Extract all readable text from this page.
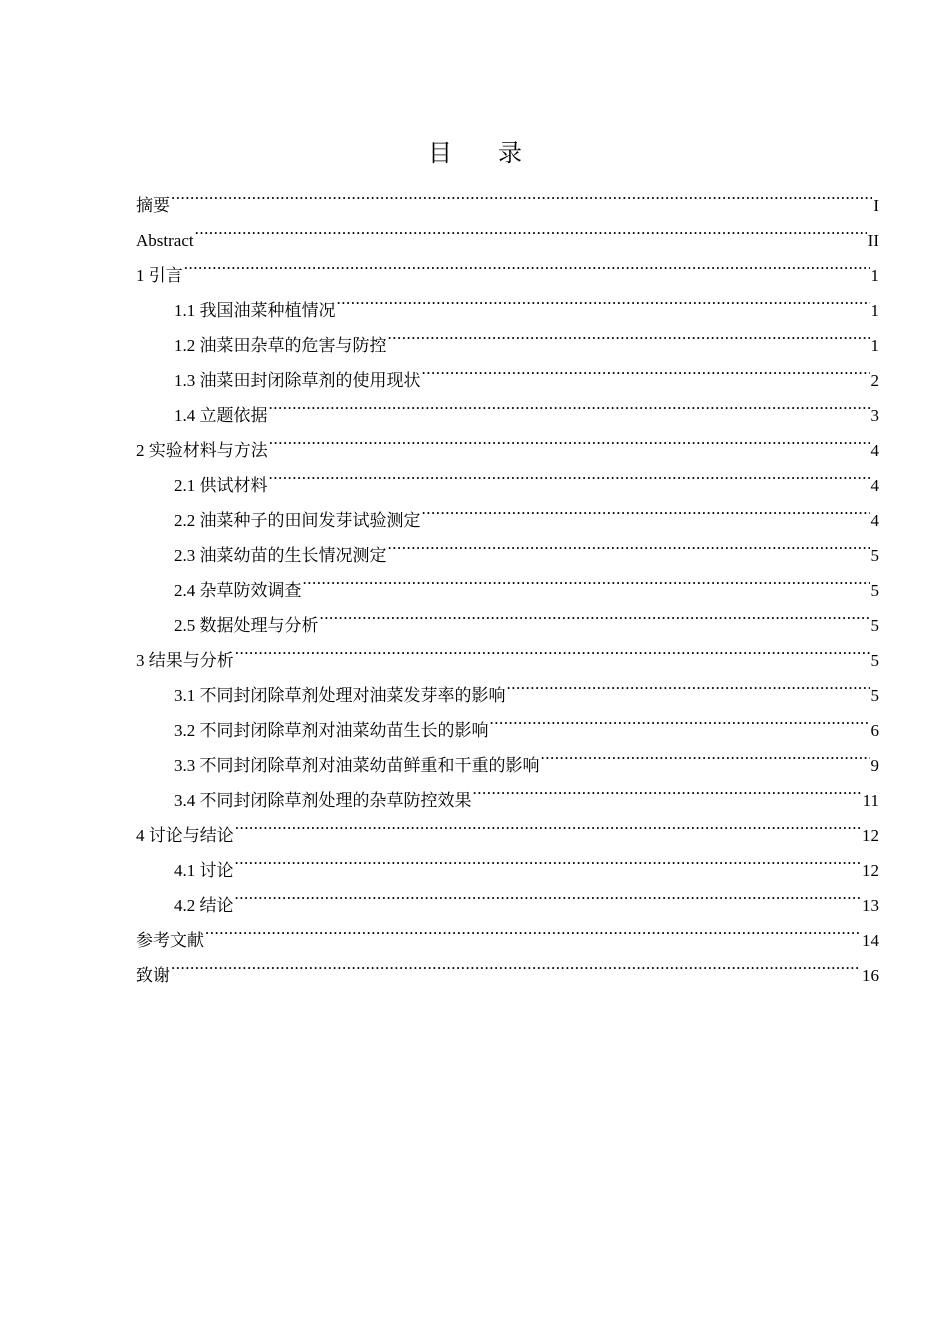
目录
摘要 .....	I
Abstract .....	II
1 引言 .....	1
1.1 我国油菜种植情况 .....	1
1.2 油菜田杂草的危害与防控 .....	1
1.3 油菜田封闭除草剂的使用现状 .....	2
1.4 立题依据 .....	3
2 实验材料与方法 .....	4
2.1 供试材料 .....	4
2.2 油菜种子的田间发芽试验测定 .....	4
2.3 油菜幼苗的生长情况测定 .....	5
2.4 杂草防效调查 .....	5
2.5 数据处理与分析 .....	5
3 结果与分析 .....	5
3.1 不同封闭除草剂处理对油菜发芽率的影响 .....	5
3.2 不同封闭除草剂对油菜幼苗生长的影响 .....	6
3.3 不同封闭除草剂对油菜幼苗鲜重和干重的影响 .....	9
3.4 不同封闭除草剂处理的杂草防控效果 .....	11
4 讨论与结论 .....	12
4.1 讨论 .....	12
4.2 结论 .....	13
参考文献 .....	14
致谢 .....	16
